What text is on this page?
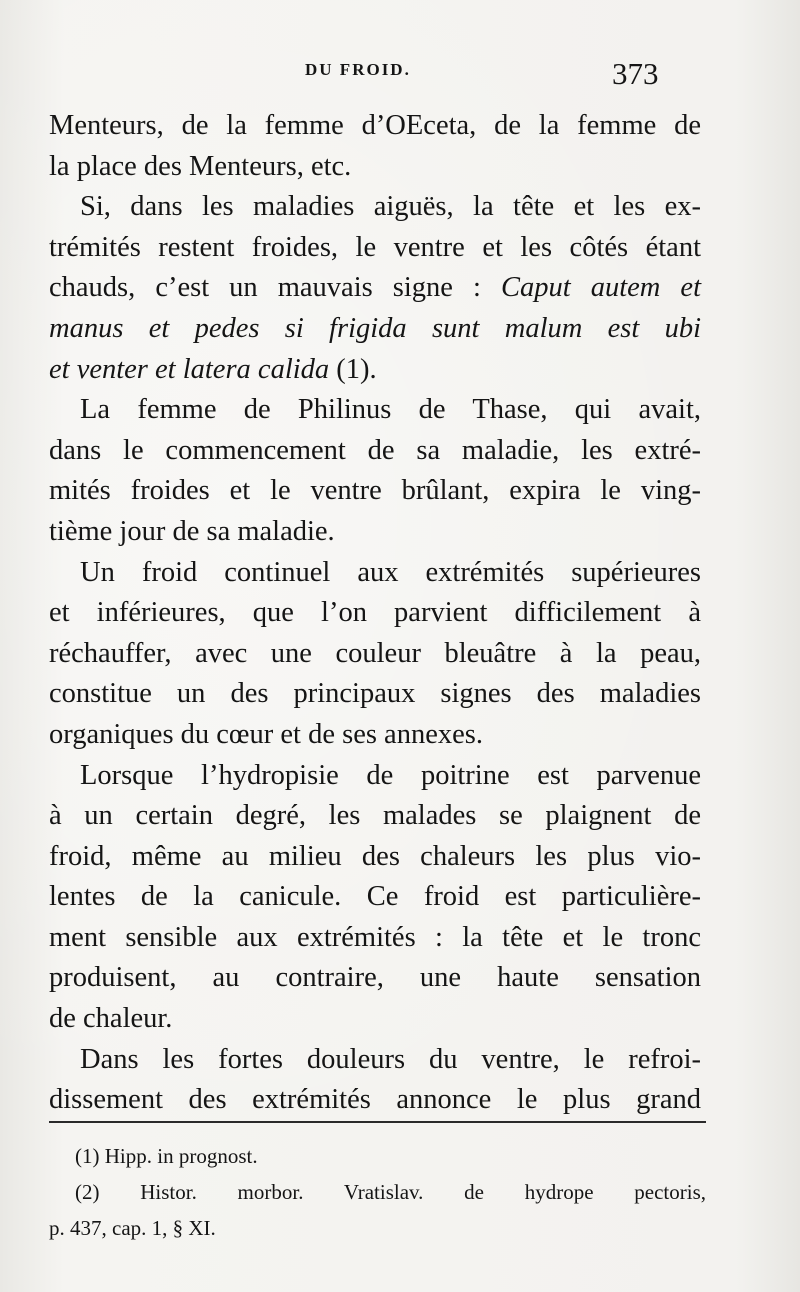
DU FROID.	373
Menteurs, de la femme d’OEceta, de la femme de
la place des Menteurs, etc.
Si, dans les maladies aiguës, la tête et les ex-
trémités restent froides, le ventre et les côtés étant
chauds, c’est un mauvais signe : Caput autem et
manus et pedes si frigida sunt malum est ubi
et venter et latera calida (1).
La femme de Philinus de Thase, qui avait,
dans le commencement de sa maladie, les extré-
mités froides et le ventre brûlant, expira le ving-
tième jour de sa maladie.
Un froid continuel aux extrémités supérieures
et inférieures, que l’on parvient difficilement à
réchauffer, avec une couleur bleuâtre à la peau,
constitue un des principaux signes des maladies
organiques du cœur et de ses annexes.
Lorsque l’hydropisie de poitrine est parvenue
à un certain degré, les malades se plaignent de
froid, même au milieu des chaleurs les plus vio-
lentes de la canicule. Ce froid est particulière-
ment sensible aux extrémités : la tête et le tronc
produisent, au contraire, une haute sensation
de chaleur.
Dans les fortes douleurs du ventre, le refroi-
dissement des extrémités annonce le plus grand
(1) Hipp. in prognost.
(2) Histor. morbor. Vratislav. de hydrope pectoris,
p. 437, cap. 1, § XI.
